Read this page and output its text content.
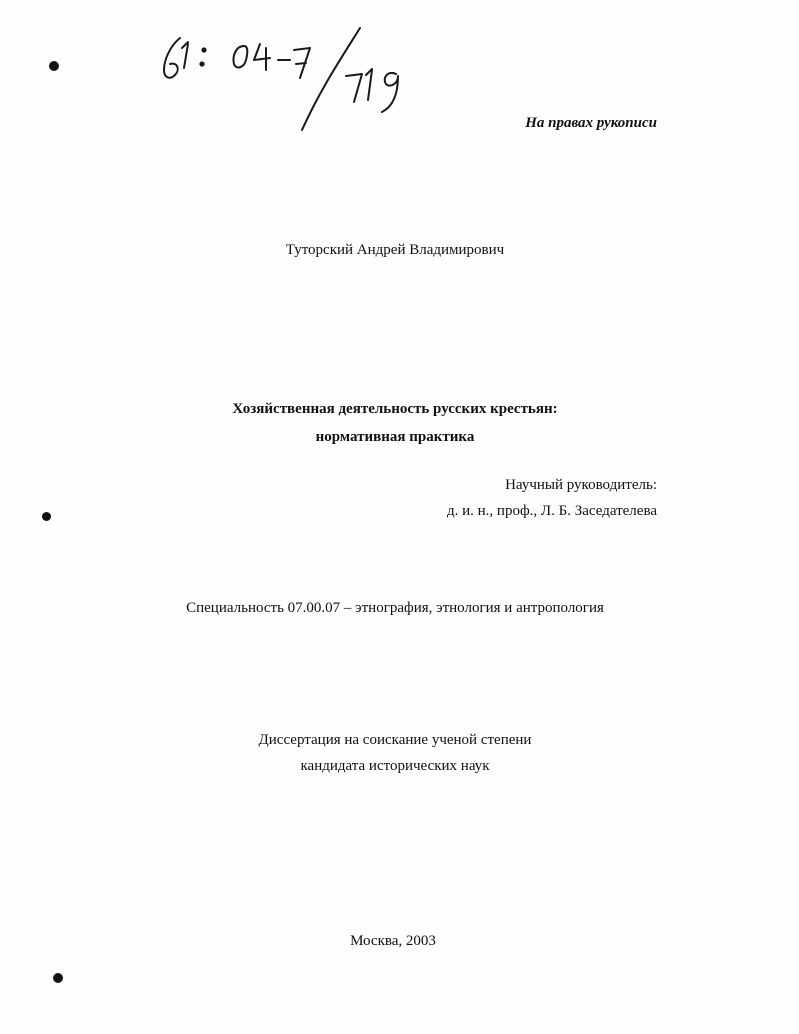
На правах рукописи
Туторский Андрей Владимирович
Хозяйственная деятельность русских крестьян:
нормативная практика
Научный руководитель:
д. и. н., проф., Л. Б. Заседателева
Специальность 07.00.07 – этнография, этнология и антропология
Диссертация на соискание ученой степени
кандидата исторических наук
Москва, 2003
